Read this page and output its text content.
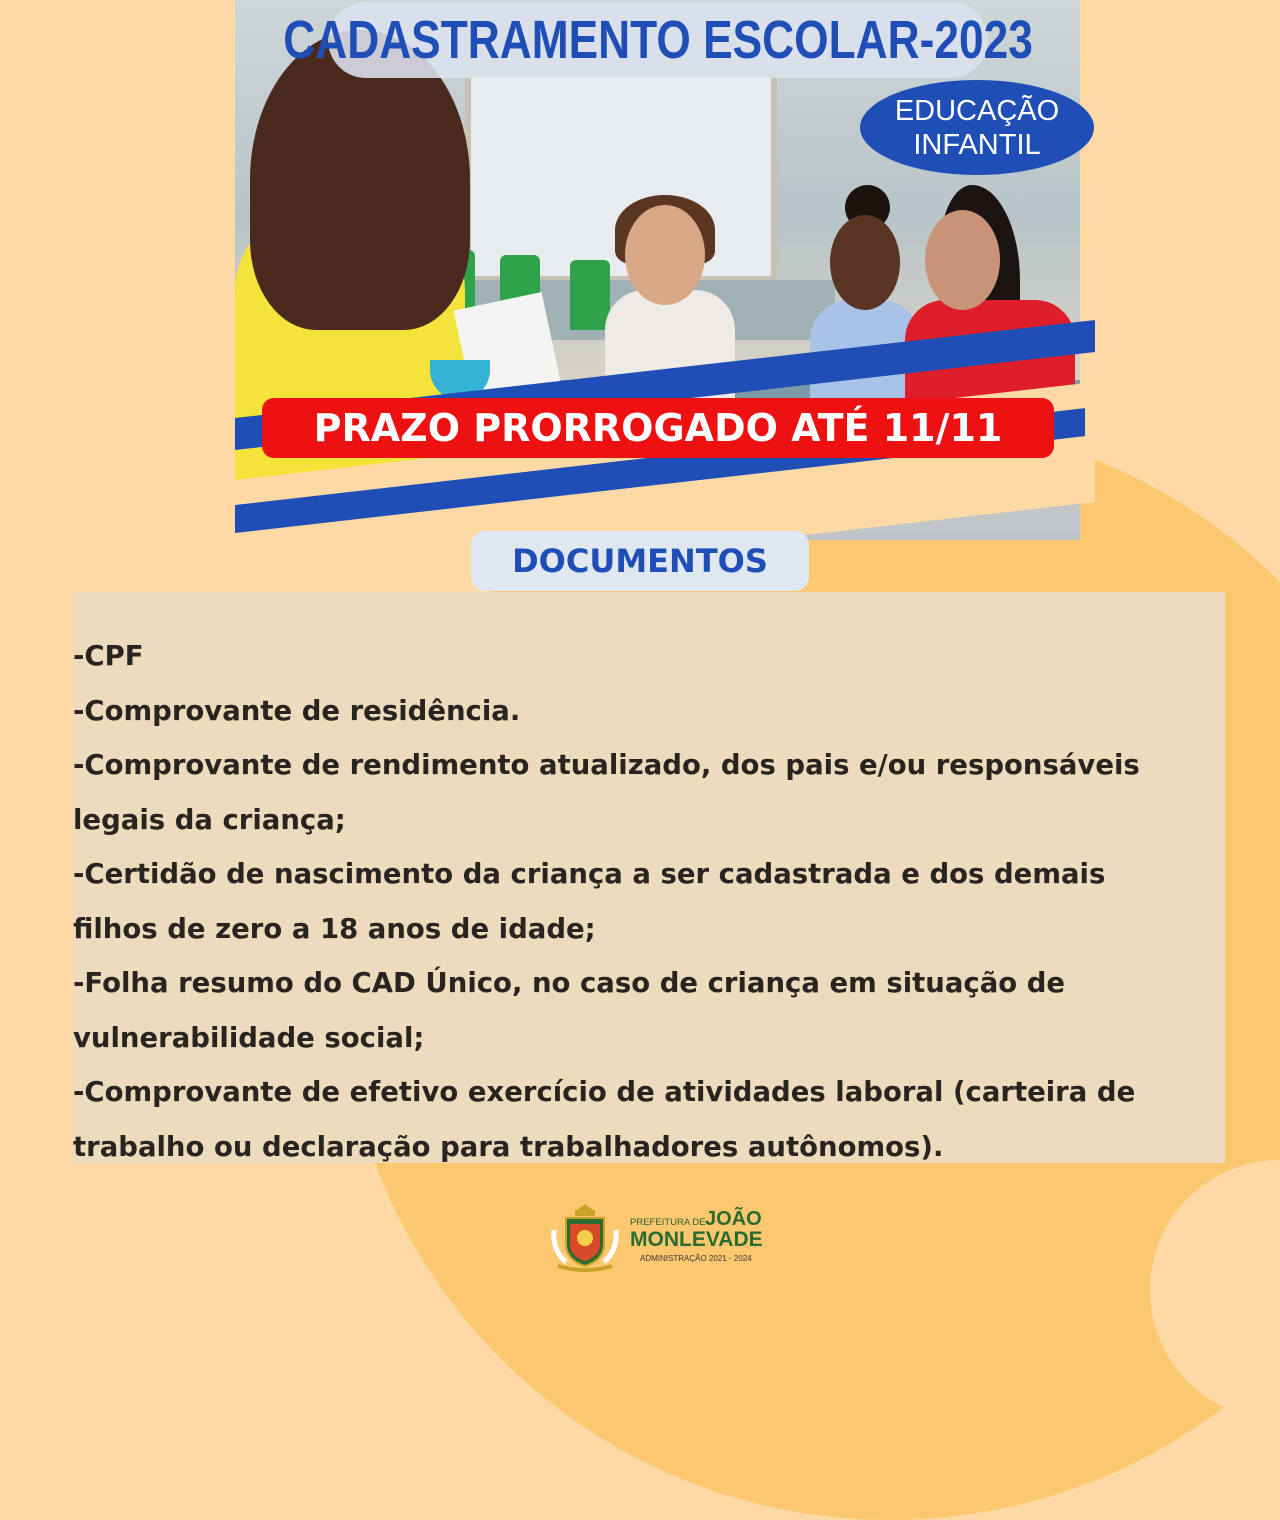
CADASTRAMENTO ESCOLAR-2023
EDUCAÇÃO
INFANTIL
PRAZO PRORROGADO ATÉ 11/11
DOCUMENTOS
-CPF
-Comprovante de residência.
-Comprovante de rendimento atualizado, dos pais e/ou responsáveis
legais da criança;
-Certidão de nascimento da criança a ser cadastrada e dos demais
filhos de zero a 18 anos de idade;
-Folha resumo do CAD Único, no caso de criança em situação de
vulnerabilidade social;
-Comprovante de efetivo exercício de atividades laboral (carteira de
trabalho ou declaração para trabalhadores autônomos).
PREFEITURA DE JOÃO
MONLEVADE
ADMINISTRAÇÃO 2021 - 2024
